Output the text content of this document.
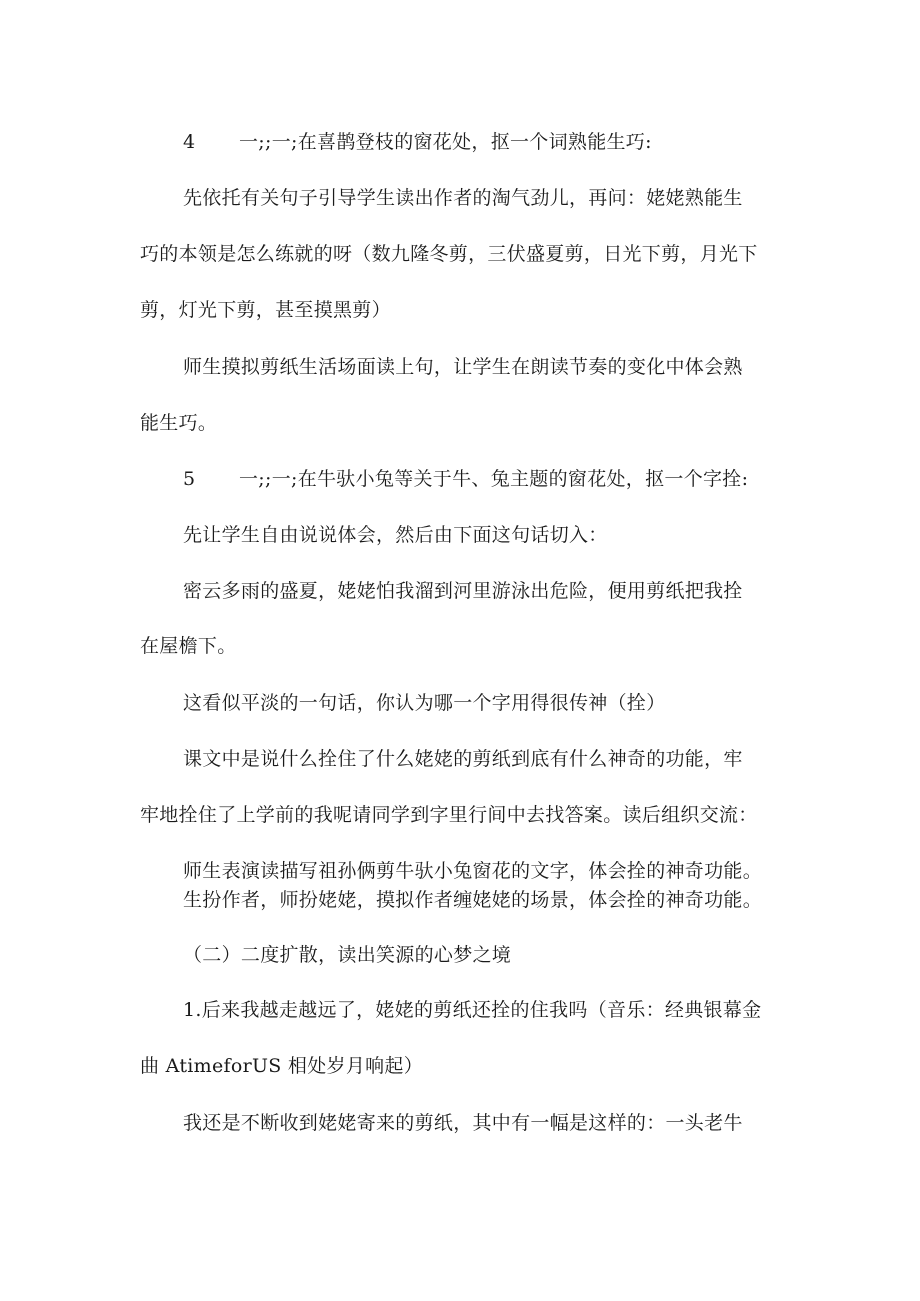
4 一;;一;在喜鹊登枝的窗花处，抠一个词熟能生巧:
先依托有关句子引导学生读出作者的淘气劲儿，再问：姥姥熟能生
巧的本领是怎么练就的呀（数九隆冬剪，三伏盛夏剪，日光下剪，月光下
剪，灯光下剪，甚至摸黑剪）
师生摸拟剪纸生活场面读上句，让学生在朗读节奏的变化中体会熟
能生巧。
5 一;;一;在牛驮小兔等关于牛、兔主题的窗花处，抠一个字拴:
先让学生自由说说体会，然后由下面这句话切入：
密云多雨的盛夏，姥姥怕我溜到河里游泳出危险，便用剪纸把我拴
在屋檐下。
这看似平淡的一句话，你认为哪一个字用得很传神（拴）
课文中是说什么拴住了什么姥姥的剪纸到底有什么神奇的功能，牢
牢地拴住了上学前的我呢请同学到字里行间中去找答案。读后组织交流：
师生表演读描写祖孙俩剪牛驮小兔窗花的文字，体会拴的神奇功能。
生扮作者，师扮姥姥，摸拟作者缠姥姥的场景，体会拴的神奇功能。
（二）二度扩散，读出笑源的心梦之境
1.后来我越走越远了，姥姥的剪纸还拴的住我吗（音乐：经典银幕金
曲 AtimeforUS 相处岁月响起）
我还是不断收到姥姥寄来的剪纸，其中有一幅是这样的：一头老牛
